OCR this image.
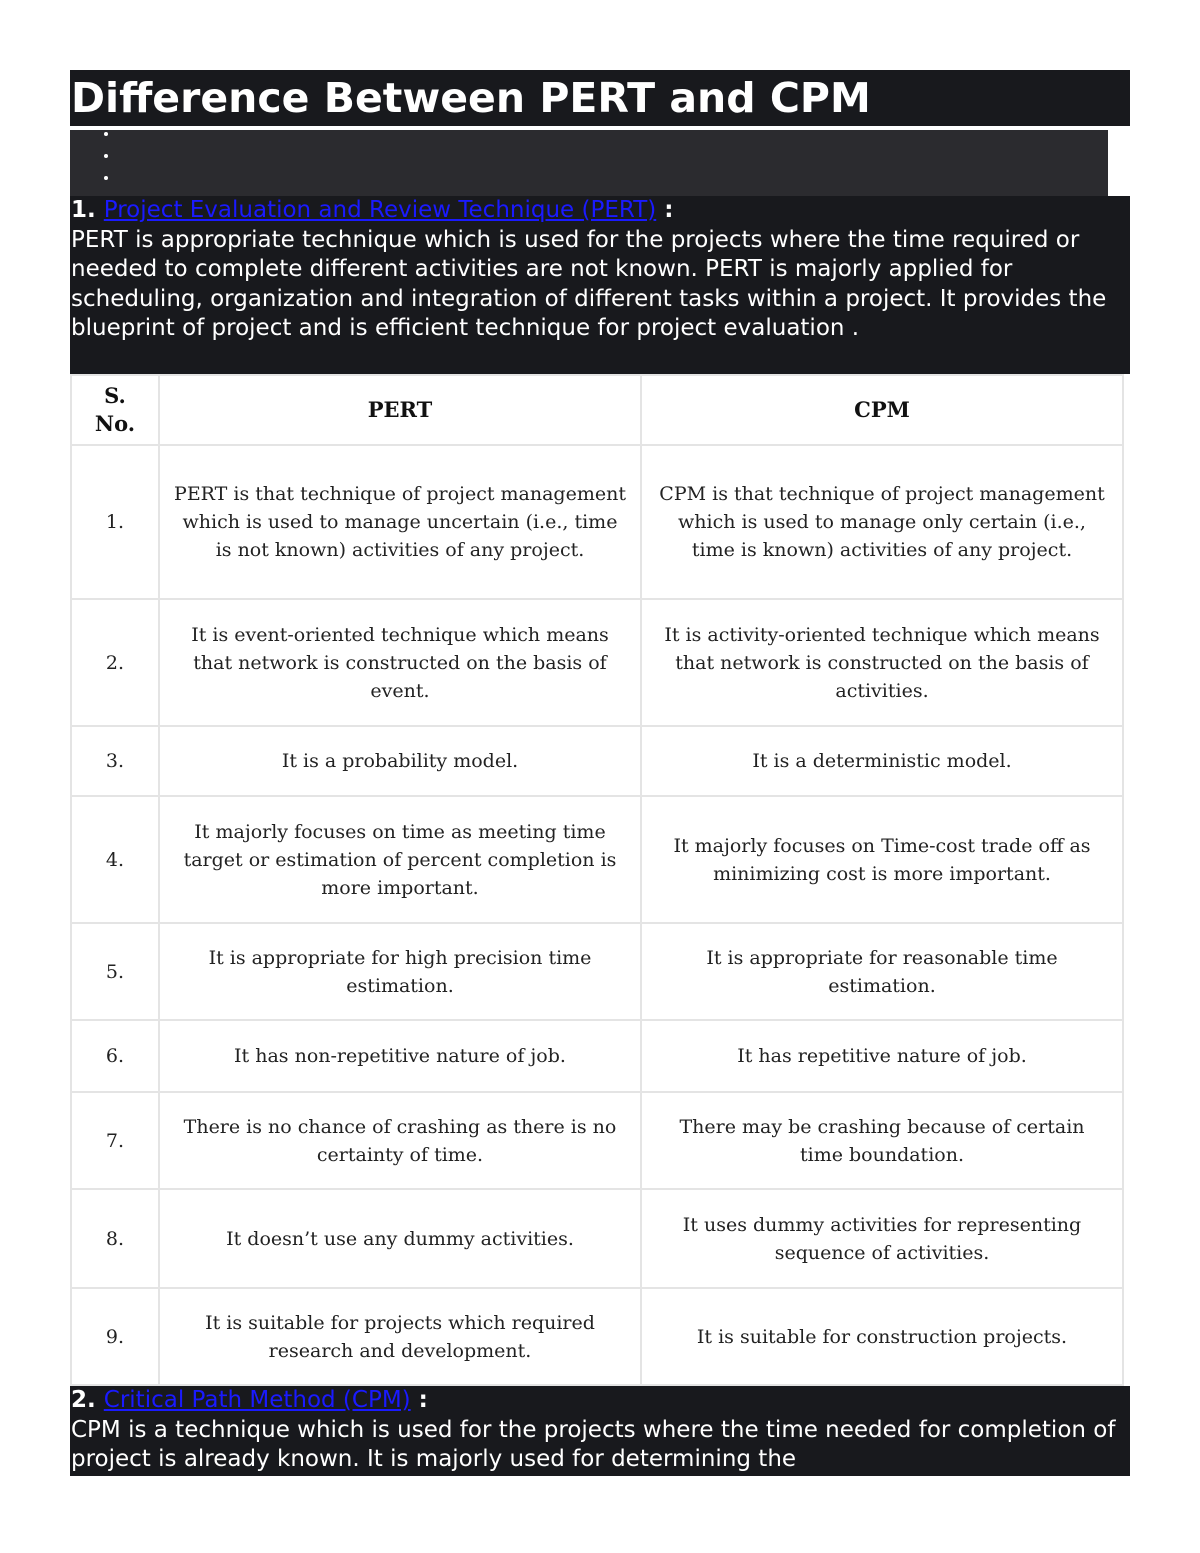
Difference Between PERT and CPM
1. Project Evaluation and Review Technique (PERT) :
PERT is appropriate technique which is used for the projects where the time required or needed to complete different activities are not known. PERT is majorly applied for scheduling, organization and integration of different tasks within a project. It provides the blueprint of project and is efficient technique for project evaluation .
S. No.	PERT	CPM
1.	PERT is that technique of project management which is used to manage uncertain (i.e., time is not known) activities of any project.	CPM is that technique of project management which is used to manage only certain (i.e., time is known) activities of any project.
2.	It is event-oriented technique which means that network is constructed on the basis of event.	It is activity-oriented technique which means that network is constructed on the basis of activities.
3.	It is a probability model.	It is a deterministic model.
4.	It majorly focuses on time as meeting time target or estimation of percent completion is more important.	It majorly focuses on Time-cost trade off as minimizing cost is more important.
5.	It is appropriate for high precision time estimation.	It is appropriate for reasonable time estimation.
6.	It has non-repetitive nature of job.	It has repetitive nature of job.
7.	There is no chance of crashing as there is no certainty of time.	There may be crashing because of certain time boundation.
8.	It doesn’t use any dummy activities.	It uses dummy activities for representing sequence of activities.
9.	It is suitable for projects which required research and development.	It is suitable for construction projects.
2. Critical Path Method (CPM) :
CPM is a technique which is used for the projects where the time needed for completion of project is already known. It is majorly used for determining the
